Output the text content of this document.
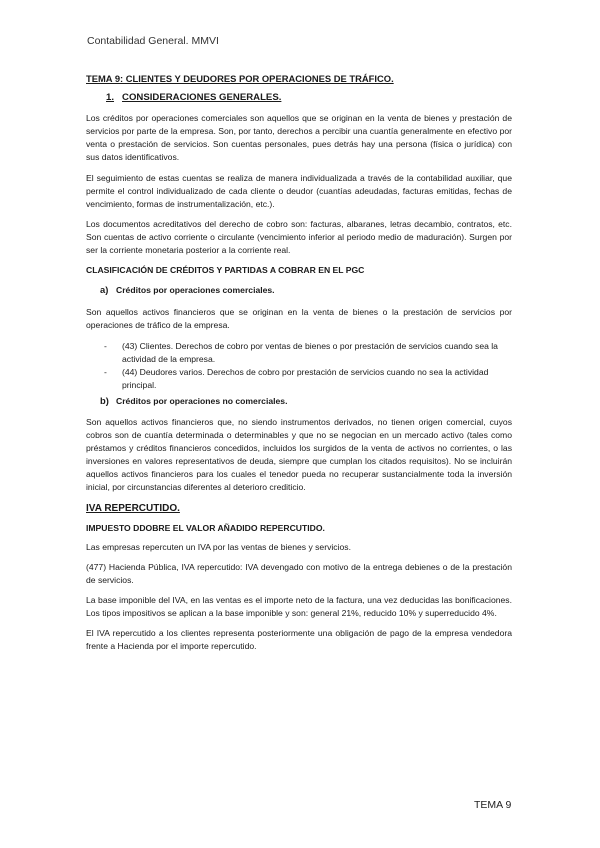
Contabilidad General. MMVI
TEMA 9: CLIENTES Y DEUDORES POR OPERACIONES DE TRÁFICO.
1. CONSIDERACIONES GENERALES.

Los créditos por operaciones comerciales son aquellos que se originan en la venta de bienes y prestación de servicios por parte de la empresa. Son, por tanto, derechos a percibir una cuantía generalmente en efectivo por venta o prestación de servicios. Son cuentas personales, pues detrás hay una persona (física o jurídica) con sus datos identificativos.

El seguimiento de estas cuentas se realiza de manera individualizada a través de la contabilidad auxiliar, que permite el control individualizado de cada cliente o deudor (cuantías adeudadas, facturas emitidas, fechas de vencimiento, formas de instrumentalización, etc.).

Los documentos acreditativos del derecho de cobro son: facturas, albaranes, letras decambio, contratos, etc. Son cuentas de activo corriente o circulante (vencimiento inferior al periodo medio de maduración). Surgen por ser la corriente monetaria posterior a la corriente real.

CLASIFICACIÓN DE CRÉDITOS Y PARTIDAS A COBRAR EN EL PGC
a) Créditos por operaciones comerciales.

Son aquellos activos financieros que se originan en la venta de bienes o la prestación de servicios por operaciones de tráfico de la empresa.

- (43) Clientes. Derechos de cobro por ventas de bienes o por prestación de servicios cuando sea la actividad de la empresa.
- (44) Deudores varios. Derechos de cobro por prestación de servicios cuando no sea la actividad principal.
b) Créditos por operaciones no comerciales.

Son aquellos activos financieros que, no siendo instrumentos derivados, no tienen origen comercial, cuyos cobros son de cuantía determinada o determinables y que no se negocian en un mercado activo (tales como préstamos y créditos financieros concedidos, incluidos los surgidos de la venta de activos no corrientes, o las inversiones en valores representativos de deuda, siempre que cumplan los citados requisitos). No se incluirán aquellos activos financieros para los cuales el tenedor pueda no recuperar sustancialmente toda la inversión inicial, por circunstancias diferentes al deterioro crediticio.

IVA REPERCUTIDO.
IMPUESTO DDOBRE EL VALOR AÑADIDO REPERCUTIDO.

Las empresas repercuten un IVA por las ventas de bienes y servicios.

(477) Hacienda Pública, IVA repercutido: IVA devengado con motivo de la entrega debienes o de la prestación de servicios.

La base imponible del IVA, en las ventas es el importe neto de la factura, una vez deducidas las bonificaciones. Los tipos impositivos se aplican a la base imponible y son: general 21%, reducido 10% y superreducido 4%.

El IVA repercutido a los clientes representa posteriormente una obligación de pago de la empresa vendedora frente a Hacienda por el importe repercutido.

TEMA 9
